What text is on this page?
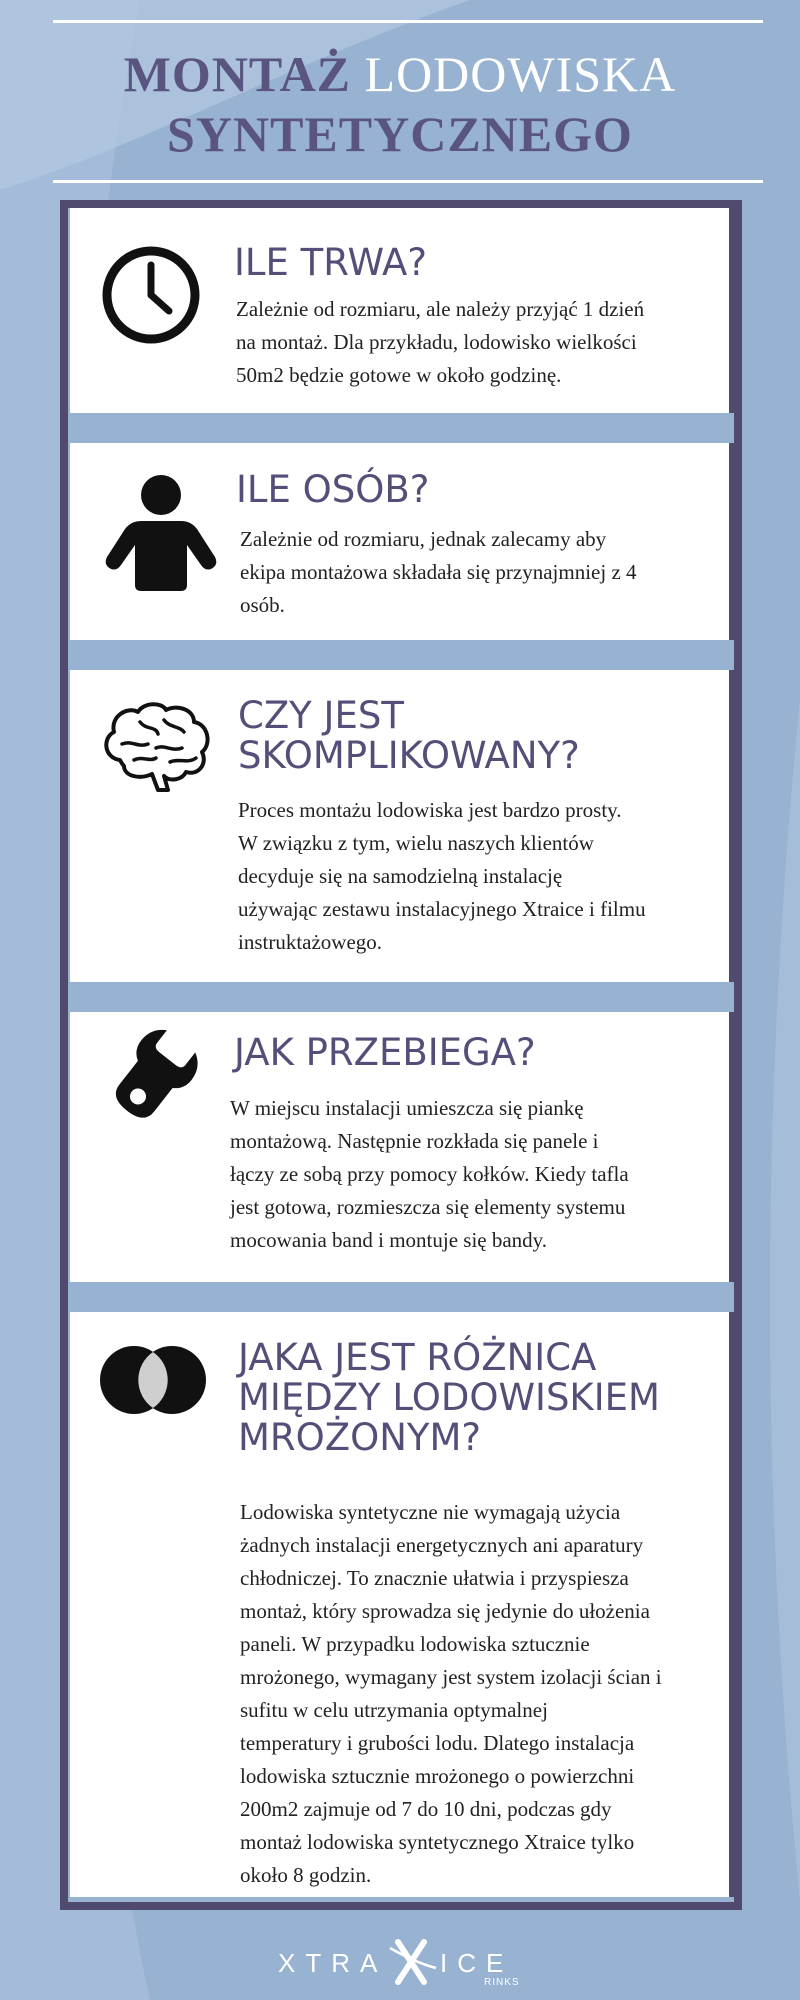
MONTAŻ LODOWISKA
SYNTETYCZNEGO
ILE TRWA?
Zależnie od rozmiaru, ale należy przyjąć 1 dzień
na montaż. Dla przykładu, lodowisko wielkości
50m2 będzie gotowe w około godzinę.
ILE OSÓB?
Zależnie od rozmiaru, jednak zalecamy aby
ekipa montażowa składała się przynajmniej z 4
osób.
CZY JEST
SKOMPLIKOWANY?
Proces montażu lodowiska jest bardzo prosty.
W związku z tym, wielu naszych klientów
decyduje się na samodzielną instalację
używając zestawu instalacyjnego Xtraice i filmu
instruktażowego.
JAK PRZEBIEGA?
W miejscu instalacji umieszcza się piankę
montażową. Następnie rozkłada się panele i
łączy ze sobą przy pomocy kołków. Kiedy tafla
jest gotowa, rozmieszcza się elementy systemu
mocowania band i montuje się bandy.
JAKA JEST RÓŻNICA
MIĘDZY LODOWISKIEM
MROŻONYM?
Lodowiska syntetyczne nie wymagają użycia
żadnych instalacji energetycznych ani aparatury
chłodniczej. To znacznie ułatwia i przyspiesza
montaż, który sprowadza się jedynie do ułożenia
paneli. W przypadku lodowiska sztucznie
mrożonego, wymagany jest system izolacji ścian i
sufitu w celu utrzymania optymalnej
temperatury i grubości lodu. Dlatego instalacja
lodowiska sztucznie mrożonego o powierzchni
200m2 zajmuje od 7 do 10 dni, podczas gdy
montaż lodowiska syntetycznego Xtraice tylko
około 8 godzin.
XTRA ICE
RINKS
